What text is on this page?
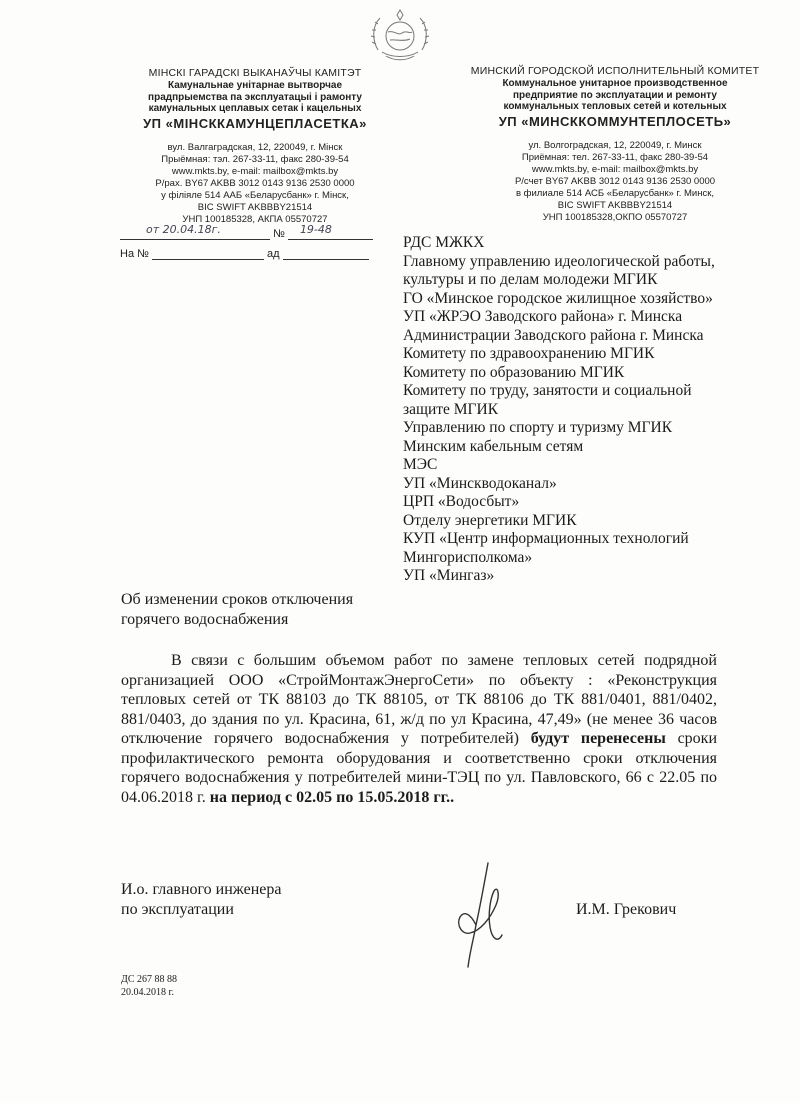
МІНСКІ ГАРАДСКІ ВЫКАНАЎЧЫ КАМІТЭТ
Камунальнае унітарнае вытворчае
прадпрыемства па эксплуатацыі і рамонту
камунальных цеплавых сетак і кацельных
УП «МІНСККАМУНЦЕПЛАСЕТКА»
вул. Валгаградская, 12, 220049, г. Мінск
Прыёмная: тэл. 267-33-11, факс 280-39-54
www.mkts.by, e-mail: mailbox@mkts.by
Р/рах. BY67 AKBB 3012 0143 9136 2530 0000
у філіяле 514 ААБ «Беларусбанк» г. Мінск,
BIC SWIFT AKBBBY21514
УНП 100185328, АКПА 05570727
МИНСКИЙ ГОРОДСКОЙ ИСПОЛНИТЕЛЬНЫЙ КОМИТЕТ
Коммунальное унитарное производственное
предприятие по эксплуатации и ремонту
коммунальных тепловых сетей и котельных
УП «МИНСККОММУНТЕПЛОСЕТЬ»
ул. Волгоградская, 12, 220049, г. Минск
Приёмная: тел. 267-33-11, факс 280-39-54
www.mkts.by, e-mail: mailbox@mkts.by
Р/счет BY67 AKBB 3012 0143 9136 2530 0000
в филиале 514 АСБ «Беларусбанк» г. Минск,
BIC SWIFT AKBBBY21514
УНП 100185328,ОКПО 05570727
от 20.04.18г.	№ 19-48
На №	ад
РДС МЖКХ
Главному управлению идеологической работы,
культуры и по делам молодежи МГИК
ГО «Минское городское жилищное хозяйство»
УП «ЖРЭО Заводского района» г. Минска
Администрации Заводского района г. Минска
Комитету по здравоохранению МГИК
Комитету по образованию МГИК
Комитету по труду, занятости и социальной
защите МГИК
Управлению по спорту и туризму МГИК
Минским кабельным сетям
МЭС
УП «Минскводоканал»
ЦРП «Водосбыт»
Отделу энергетики МГИК
КУП «Центр информационных технологий
Мингорисполкома»
УП «Мингаз»
Об изменении сроков отключения
горячего водоснабжения

В связи с большим объемом работ по замене тепловых сетей подрядной организацией ООО «СтройМонтажЭнергоСети» по объекту : «Реконструкция тепловых сетей от ТК 88103 до ТК 88105, от ТК 88106 до ТК 881/0401, 881/0402, 881/0403, до здания по ул. Красина, 61, ж/д по ул Красина, 47,49» (не менее 36 часов отключение горячего водоснабжения у потребителей) будут перенесены сроки профилактического ремонта оборудования и соответственно сроки отключения горячего водоснабжения у потребителей мини-ТЭЦ по ул. Павловского, 66 с 22.05 по 04.06.2018 г. на период с 02.05 по 15.05.2018 гг..

И.о. главного инженера
по эксплуатации	И.М. Грекович
ДС 267 88 88
20.04.2018 г.
